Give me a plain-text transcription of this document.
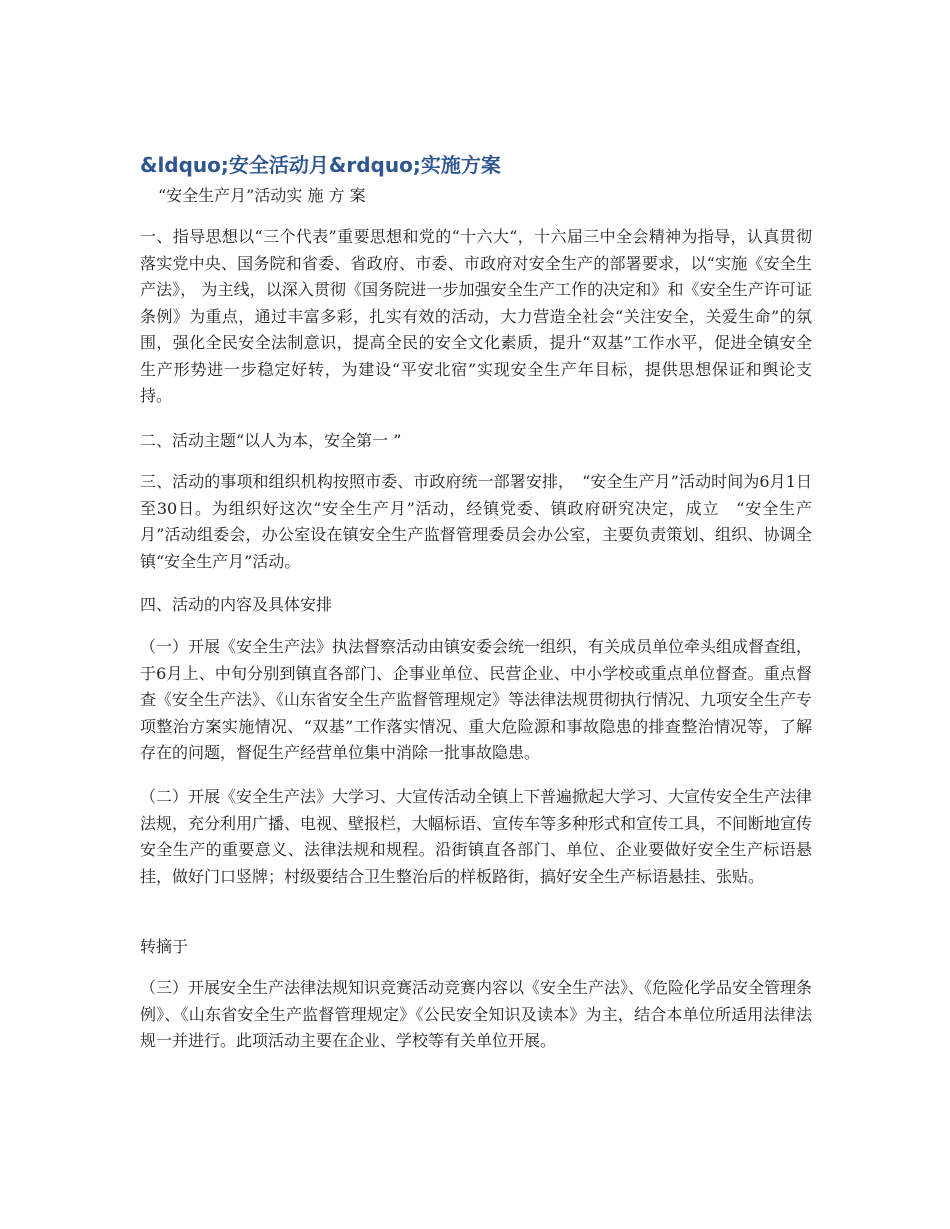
&ldquo;安全活动月&rdquo;实施方案
“安全生产月”活动实 施 方 案

一、指导思想以“三个代表”重要思想和党的“十六大“，十六届三中全会精神为指导，认真贯彻落实党中央、国务院和省委、省政府、市委、市政府对安全生产的部署要求，以“实施《安全生产法》， 为主线，以深入贯彻《国务院进一步加强安全生产工作的决定和》和《安全生产许可证条例》为重点，通过丰富多彩，扎实有效的活动，大力营造全社会“关注安全，关爱生命”的氛围，强化全民安全法制意识，提高全民的安全文化素质，提升“双基”工作水平，促进全镇安全生产形势进一步稳定好转，为建设“平安北宿”实现安全生产年目标，提供思想保证和舆论支持。

二、活动主题“以人为本，安全第一 ”

三、活动的事项和组织机构按照市委、市政府统一部署安排，　“安全生产月”活动时间为6月1日至30日。为组织好这次“安全生产月”活动，经镇党委、镇政府研究决定，成立　“安全生产月”活动组委会，办公室设在镇安全生产监督管理委员会办公室，主要负责策划、组织、协调全镇“安全生产月”活动。

四、活动的内容及具体安排

（一）开展《安全生产法》执法督察活动由镇安委会统一组织，有关成员单位牵头组成督查组，于6月上、中旬分别到镇直各部门、企事业单位、民营企业、中小学校或重点单位督查。重点督查《安全生产法》、《山东省安全生产监督管理规定》等法律法规贯彻执行情况、九项安全生产专项整治方案实施情况、“双基”工作落实情况、重大危险源和事故隐患的排查整治情况等，了解存在的问题，督促生产经营单位集中消除一批事故隐患。

（二）开展《安全生产法》大学习、大宣传活动全镇上下普遍掀起大学习、大宣传安全生产法律法规，充分利用广播、电视、壁报栏，大幅标语、宣传车等多种形式和宣传工具，不间断地宣传安全生产的重要意义、法律法规和规程。沿街镇直各部门、单位、企业要做好安全生产标语悬挂，做好门口竖牌；村级要结合卫生整治后的样板路街，搞好安全生产标语悬挂、张贴。

转摘于

（三）开展安全生产法律法规知识竞赛活动竞赛内容以《安全生产法》、《危险化学品安全管理条例》、《山东省安全生产监督管理规定》《公民安全知识及读本》为主，结合本单位所适用法律法规一并进行。此项活动主要在企业、学校等有关单位开展。
